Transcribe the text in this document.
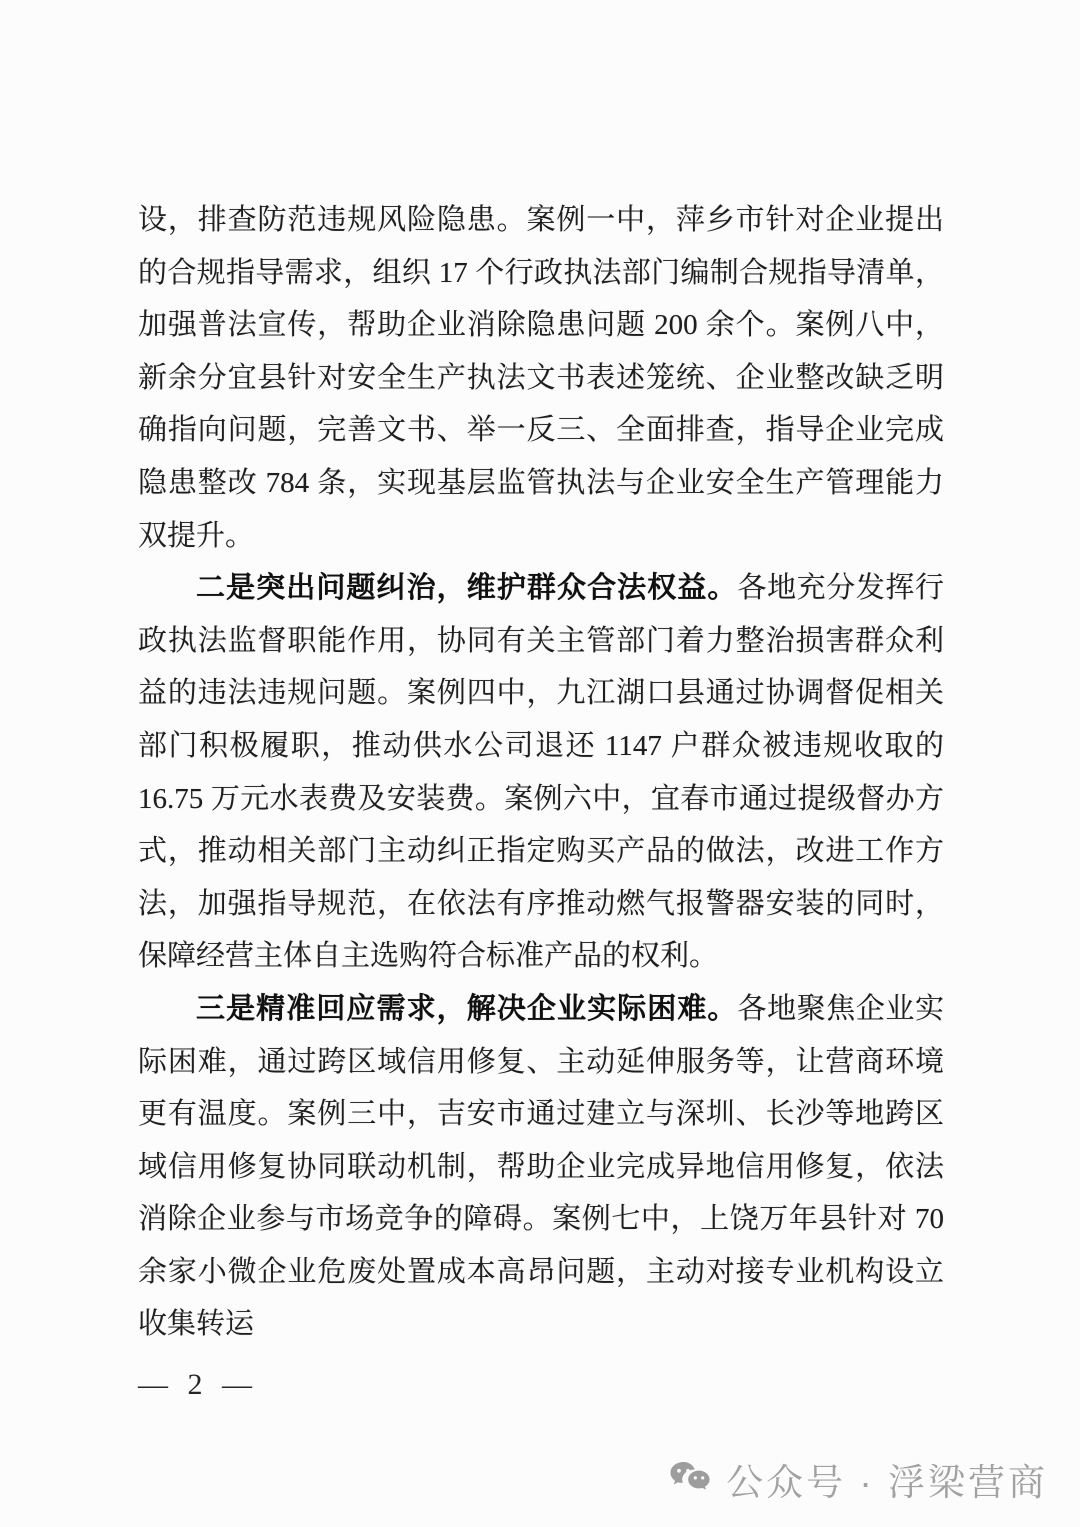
设，排查防范违规风险隐患。案例一中，萍乡市针对企业提出的合规指导需求，组织 17 个行政执法部门编制合规指导清单，加强普法宣传，帮助企业消除隐患问题 200 余个。案例八中，新余分宜县针对安全生产执法文书表述笼统、企业整改缺乏明确指向问题，完善文书、举一反三、全面排查，指导企业完成隐患整改 784 条，实现基层监管执法与企业安全生产管理能力双提升。

二是突出问题纠治，维护群众合法权益。各地充分发挥行政执法监督职能作用，协同有关主管部门着力整治损害群众利益的违法违规问题。案例四中，九江湖口县通过协调督促相关部门积极履职，推动供水公司退还 1147 户群众被违规收取的 16.75 万元水表费及安装费。案例六中，宜春市通过提级督办方式，推动相关部门主动纠正指定购买产品的做法，改进工作方法，加强指导规范，在依法有序推动燃气报警器安装的同时，保障经营主体自主选购符合标准产品的权利。

三是精准回应需求，解决企业实际困难。各地聚焦企业实际困难，通过跨区域信用修复、主动延伸服务等，让营商环境更有温度。案例三中，吉安市通过建立与深圳、长沙等地跨区域信用修复协同联动机制，帮助企业完成异地信用修复，依法消除企业参与市场竞争的障碍。案例七中，上饶万年县针对 70 余家小微企业危废处置成本高昂问题，主动对接专业机构设立收集转运

— 2 —
公众号 · 浮梁营商
